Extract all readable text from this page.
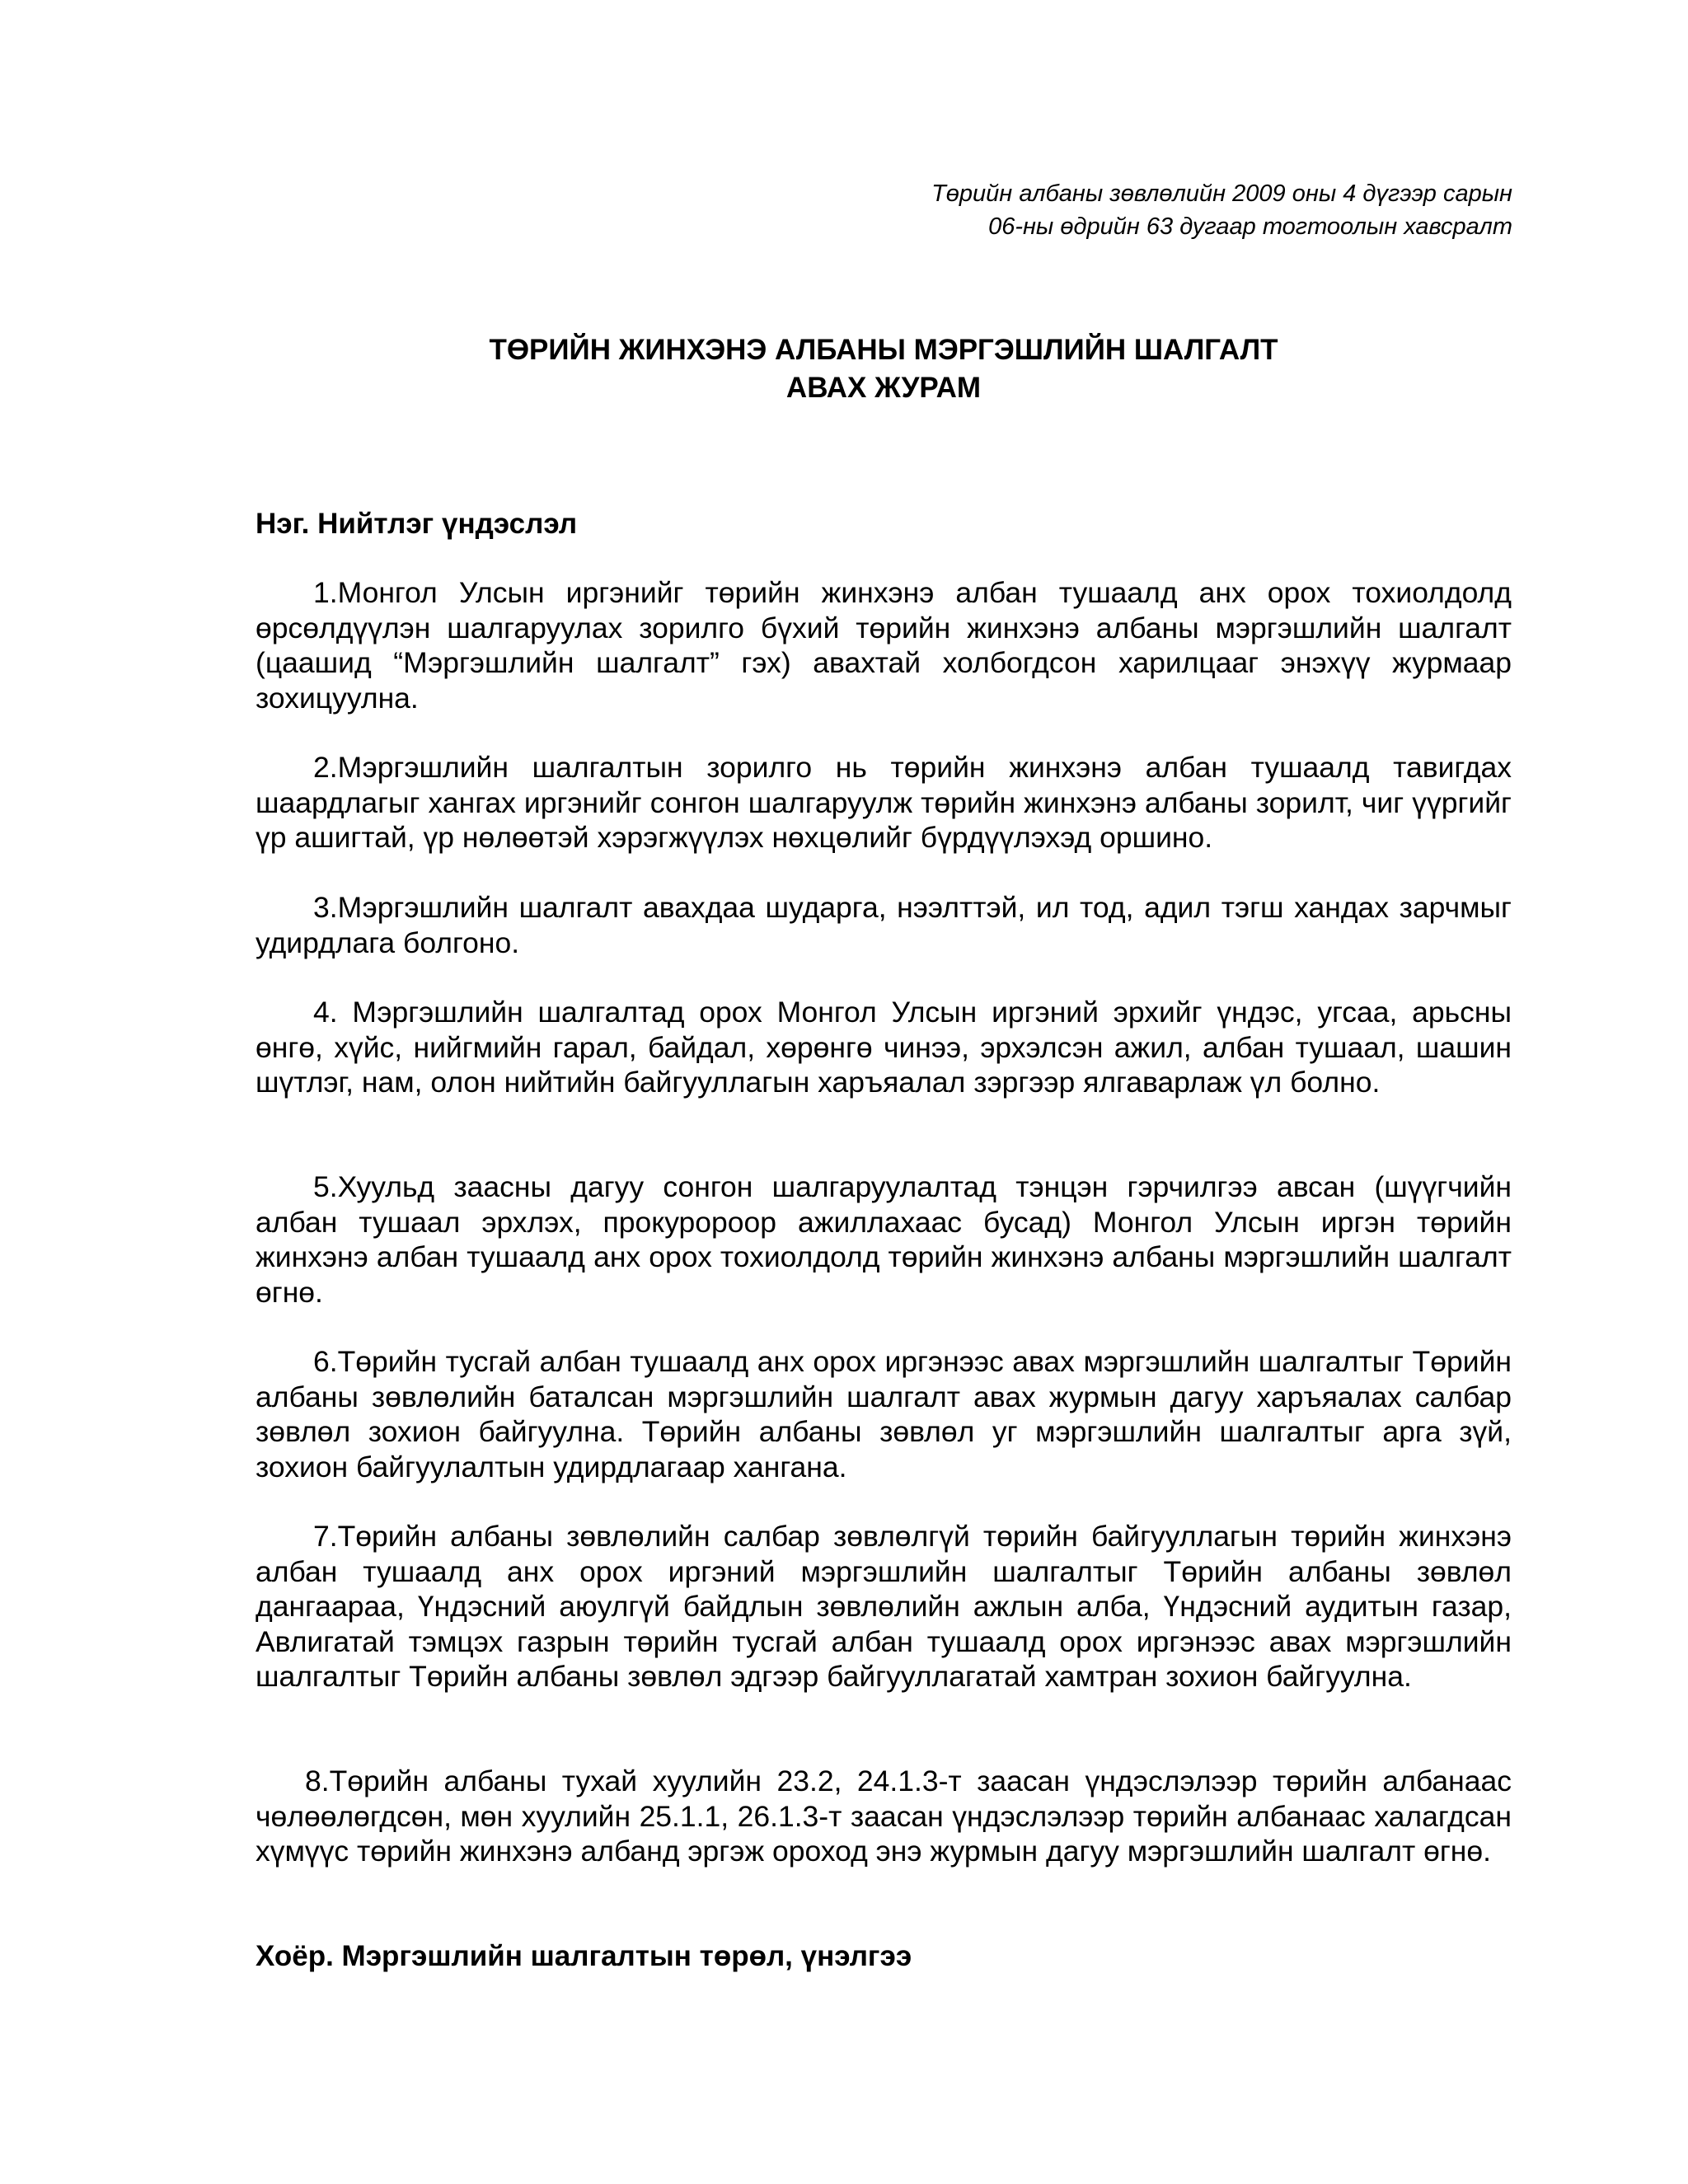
Төрийн албаны зөвлөлийн 2009 оны 4 дүгээр сарын
06-ны өдрийн 63 дугаар тогтоолын хавсралт
ТӨРИЙН ЖИНХЭНЭ АЛБАНЫ МЭРГЭШЛИЙН ШАЛГАЛТ
АВАХ ЖУРАМ
Нэг. Нийтлэг үндэслэл
1.Монгол Улсын иргэнийг төрийн жинхэнэ албан тушаалд анх орох тохиолдолд өрсөлдүүлэн шалгаруулах зорилго бүхий төрийн жинхэнэ албаны мэргэшлийн шалгалт (цаашид “Мэргэшлийн шалгалт” гэх) авахтай холбогдсон харилцааг энэхүү журмаар зохицуулна.
2.Мэргэшлийн шалгалтын зорилго нь төрийн жинхэнэ албан тушаалд тавигдах шаардлагыг хангах иргэнийг сонгон шалгаруулж төрийн жинхэнэ албаны зорилт, чиг үүргийг үр ашигтай, үр нөлөөтэй хэрэгжүүлэх нөхцөлийг бүрдүүлэхэд оршино.
3.Мэргэшлийн шалгалт авахдаа шударга, нээлттэй, ил тод, адил тэгш хандах зарчмыг удирдлага болгоно.
4. Мэргэшлийн шалгалтад орох Монгол Улсын иргэний эрхийг үндэс, угсаа, арьсны өнгө, хүйс, нийгмийн гарал, байдал, хөрөнгө чинээ, эрхэлсэн ажил, албан тушаал, шашин шүтлэг, нам, олон нийтийн байгууллагын харъяалал зэргээр ялгаварлаж үл болно.
5.Хуульд заасны дагуу сонгон шалгаруулалтад тэнцэн гэрчилгээ авсан (шүүгчийн албан тушаал эрхлэх, прокуророор ажиллахаас бусад) Монгол Улсын иргэн төрийн жинхэнэ албан тушаалд анх орох тохиолдолд төрийн жинхэнэ албаны мэргэшлийн шалгалт өгнө.
6.Төрийн тусгай албан тушаалд анх орох иргэнээс авах мэргэшлийн шалгалтыг Төрийн албаны зөвлөлийн баталсан мэргэшлийн шалгалт авах журмын дагуу харъяалах салбар зөвлөл зохион байгуулна. Төрийн албаны зөвлөл уг мэргэшлийн шалгалтыг арга зүй, зохион байгуулалтын удирдлагаар хангана.
7.Төрийн албаны зөвлөлийн салбар зөвлөлгүй төрийн байгууллагын төрийн жинхэнэ албан тушаалд анх орох иргэний мэргэшлийн шалгалтыг Төрийн албаны зөвлөл дангаараа, Үндэсний аюулгүй байдлын зөвлөлийн ажлын алба, Үндэсний аудитын газар, Авлигатай тэмцэх газрын төрийн тусгай албан тушаалд орох иргэнээс авах мэргэшлийн шалгалтыг Төрийн албаны зөвлөл эдгээр байгууллагатай хамтран зохион байгуулна.
8.Төрийн албаны тухай хуулийн 23.2, 24.1.3-т заасан үндэслэлээр төрийн албанаас чөлөөлөгдсөн, мөн хуулийн 25.1.1, 26.1.3-т заасан үндэслэлээр төрийн албанаас халагдсан хүмүүс төрийн жинхэнэ албанд эргэж ороход энэ журмын дагуу мэргэшлийн шалгалт өгнө.
Хоёр. Мэргэшлийн шалгалтын төрөл, үнэлгээ
